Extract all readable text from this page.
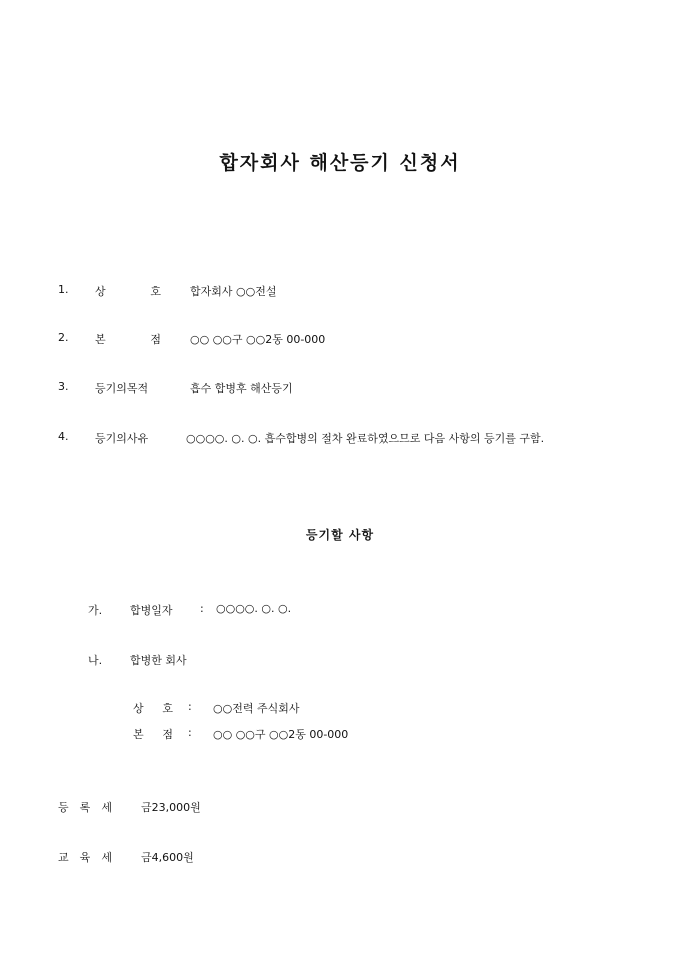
합자회사 해산등기 신청서
1. 상	호	합자회사 ○○전설
2. 본	점	○○ ○○구 ○○2동 00-000
3. 등기의목적	흡수 합병후 해산등기
4. 등기의사유	○○○○. ○. ○. 흡수합병의 절차 완료하였으므로 다음 사항의 등기를 구함.
등기할 사항
가.	합병일자 : ○○○○. ○. ○.
나.	합병한 회사
상 호 : ○○전력 주식회사
본 점 : ○○ ○○구 ○○2동 00-000
등 록 세	금23,000원
교 육 세	금4,600원
